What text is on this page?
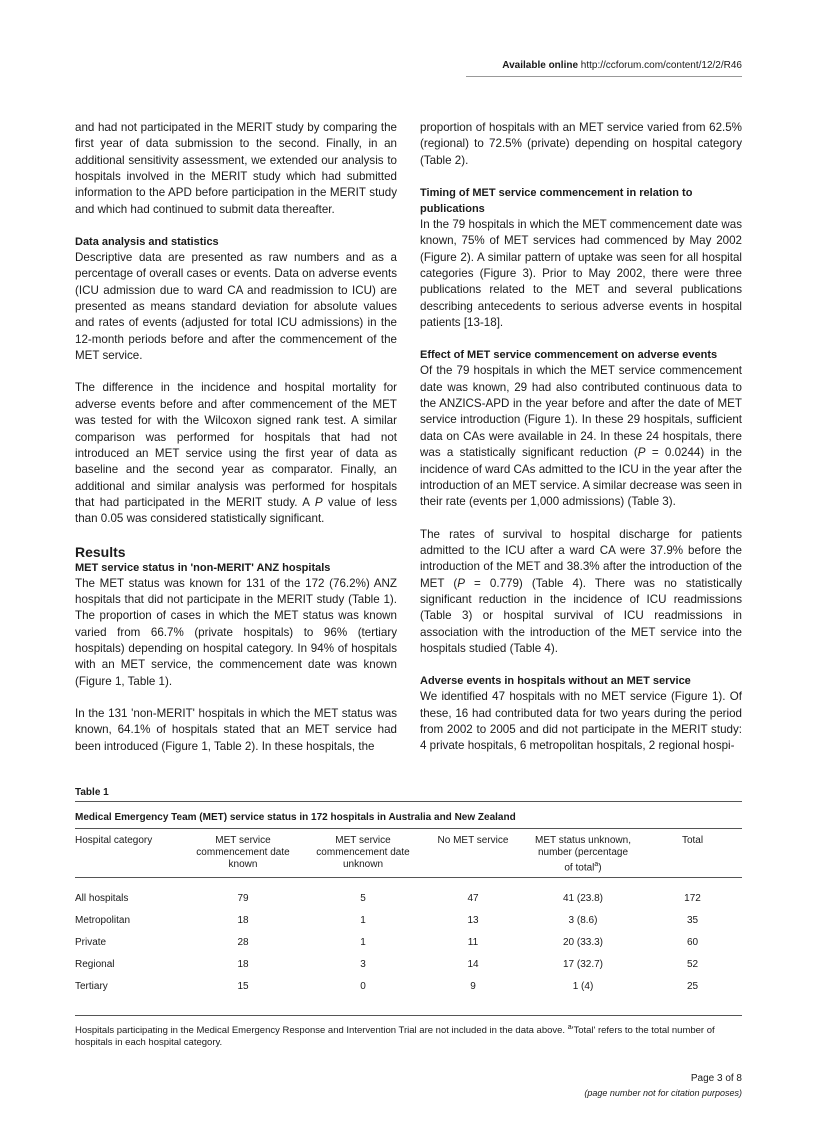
Available online http://ccforum.com/content/12/2/R46

and had not participated in the MERIT study by comparing the first year of data submission to the second. Finally, in an additional sensitivity assessment, we extended our analysis to hospitals involved in the MERIT study which had submitted information to the APD before participation in the MERIT study and which had continued to submit data thereafter.

Data analysis and statistics

Descriptive data are presented as raw numbers and as a percentage of overall cases or events. Data on adverse events (ICU admission due to ward CA and readmission to ICU) are presented as means standard deviation for absolute values and rates of events (adjusted for total ICU admissions) in the 12-month periods before and after the commencement of the MET service.

The difference in the incidence and hospital mortality for adverse events before and after commencement of the MET was tested for with the Wilcoxon signed rank test. A similar comparison was performed for hospitals that had not introduced an MET service using the first year of data as baseline and the second year as comparator. Finally, an additional and similar analysis was performed for hospitals that had participated in the MERIT study. A P value of less than 0.05 was considered statistically significant.

Results
MET service status in 'non-MERIT' ANZ hospitals

The MET status was known for 131 of the 172 (76.2%) ANZ hospitals that did not participate in the MERIT study (Table 1). The proportion of cases in which the MET status was known varied from 66.7% (private hospitals) to 96% (tertiary hospitals) depending on hospital category. In 94% of hospitals with an MET service, the commencement date was known (Figure 1, Table 1).

In the 131 'non-MERIT' hospitals in which the MET status was known, 64.1% of hospitals stated that an MET service had been introduced (Figure 1, Table 2). In these hospitals, the

proportion of hospitals with an MET service varied from 62.5% (regional) to 72.5% (private) depending on hospital category (Table 2).

Timing of MET service commencement in relation to publications

In the 79 hospitals in which the MET commencement date was known, 75% of MET services had commenced by May 2002 (Figure 2). A similar pattern of uptake was seen for all hospital categories (Figure 3). Prior to May 2002, there were three publications related to the MET and several publications describing antecedents to serious adverse events in hospital patients [13-18].

Effect of MET service commencement on adverse events

Of the 79 hospitals in which the MET service commencement date was known, 29 had also contributed continuous data to the ANZICS-APD in the year before and after the date of MET service introduction (Figure 1). In these 29 hospitals, sufficient data on CAs were available in 24. In these 24 hospitals, there was a statistically significant reduction (P = 0.0244) in the incidence of ward CAs admitted to the ICU in the year after the introduction of an MET service. A similar decrease was seen in their rate (events per 1,000 admissions) (Table 3).

The rates of survival to hospital discharge for patients admitted to the ICU after a ward CA were 37.9% before the introduction of the MET and 38.3% after the introduction of the MET (P = 0.779) (Table 4). There was no statistically significant reduction in the incidence of ICU readmissions (Table 3) or hospital survival of ICU readmissions in association with the introduction of the MET service into the hospitals studied (Table 4).

Adverse events in hospitals without an MET service

We identified 47 hospitals with no MET service (Figure 1). Of these, 16 had contributed data for two years during the period from 2002 to 2005 and did not participate in the MERIT study: 4 private hospitals, 6 metropolitan hospitals, 2 regional hospi-

Table 1
Medical Emergency Team (MET) service status in 172 hospitals in Australia and New Zealand
Hospital category	MET service
commencement date
known	MET service
commencement date
unknown	No MET service	MET status unknown,
number (percentage
of total$^a$)	Total

All hospitals	79	5	47	41 (23.8)	172
Metropolitan	18	1	13	3 (8.6)	35
Private	28	1	11	20 (33.3)	60
Regional	18	3	14	17 (32.7)	52
Tertiary	15	0	9	1 (4)	25
Hospitals participating in the Medical Emergency Response and Intervention Trial are not included in the data above. $^a$'Total' refers to the total number of hospitals in each hospital category.
Page 3 of 8
(page number not for citation purposes)
